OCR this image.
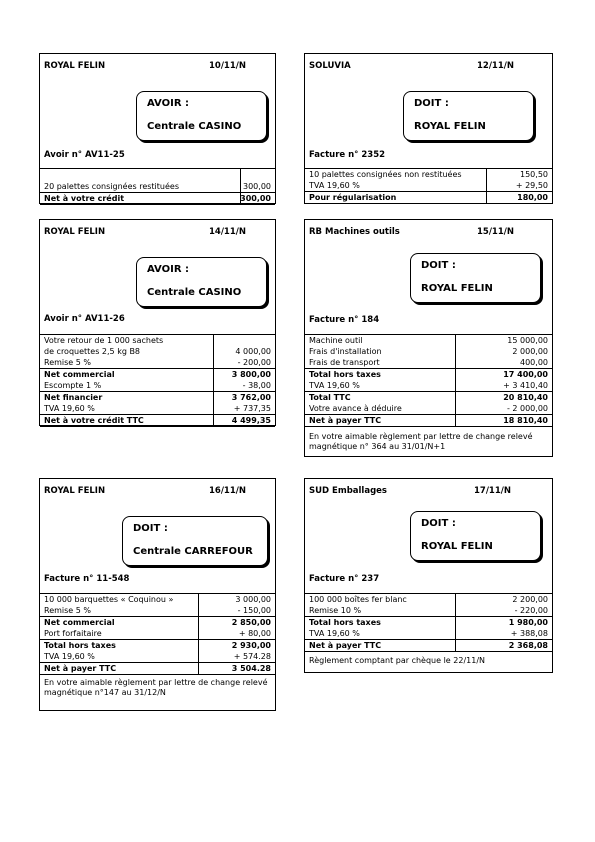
ROYAL FELIN	10/11/N
AVOIR :
Centrale CASINO
Avoir n° AV11-25
20 palettes consignées restituées	300,00
Net à votre crédit	300,00
SOLUVIA	12/11/N
DOIT :
ROYAL FELIN
Facture n° 2352
10 palettes consignées non restituées	150,50
TVA 19,60 %	+ 29,50
Pour régularisation	180,00
ROYAL FELIN	14/11/N
AVOIR :
Centrale CASINO
Avoir n° AV11-26
Votre retour de 1 000 sachets
de croquettes 2,5 kg B8	4 000,00
Remise 5 %	- 200,00
Net commercial	3 800,00
Escompte 1 %	- 38,00
Net financier	3 762,00
TVA 19,60 %	+ 737,35
Net à votre crédit TTC	4 499,35
RB Machines outils	15/11/N
DOIT :
ROYAL FELIN
Facture n° 184
Machine outil	15 000,00
Frais d'installation	2 000,00
Frais de transport	400,00
Total hors taxes	17 400,00
TVA 19,60 %	+ 3 410,40
Total TTC	20 810,40
Votre avance à déduire	- 2 000,00
Net à payer TTC	18 810,40
En votre aimable règlement par lettre de change relevé magnétique n° 364 au 31/01/N+1
ROYAL FELIN	16/11/N
DOIT :
Centrale CARREFOUR
Facture n° 11-548
10 000 barquettes « Coquinou »	3 000,00
Remise 5 %	- 150,00
Net commercial	2 850,00
Port forfaitaire	+ 80,00
Total hors taxes	2 930,00
TVA 19,60 %	+ 574.28
Net à payer TTC	3 504.28
En votre aimable règlement par lettre de change relevé magnétique n°147 au 31/12/N
SUD Emballages	17/11/N
DOIT :
ROYAL FELIN
Facture n° 237
100 000 boîtes fer blanc	2 200,00
Remise 10 %	- 220,00
Total hors taxes	1 980,00
TVA 19,60 %	+ 388,08
Net à payer TTC	2 368,08
Règlement comptant par chèque le 22/11/N
